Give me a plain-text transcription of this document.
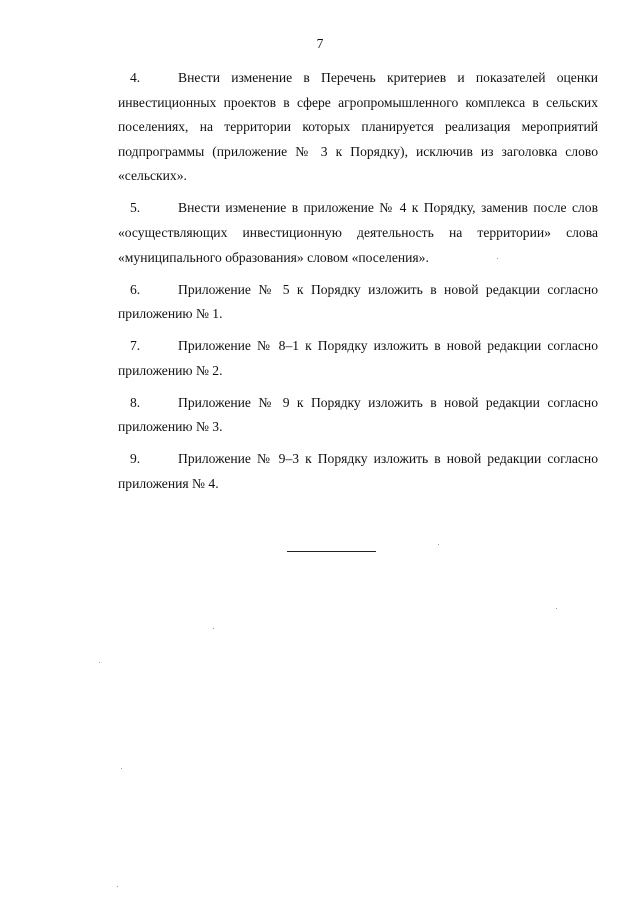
7

4.	Внести изменение в Перечень критериев и показателей оценки инвестиционных проектов в сфере агропромышленного комплекса в сельских поселениях, на территории которых планируется реализация мероприятий подпрограммы (приложение № 3 к Порядку), исключив из заголовка слово «сельских».

5.	Внести изменение в приложение № 4 к Порядку, заменив после слов «осуществляющих инвестиционную деятельность на территории» слова «муниципального образования» словом «поселения».

6.	Приложение № 5 к Порядку изложить в новой редакции согласно приложению № 1.

7.	Приложение № 8–1 к Порядку изложить в новой редакции согласно приложению № 2.

8.	Приложение № 9 к Порядку изложить в новой редакции согласно приложению № 3.

9.	Приложение № 9–3 к Порядку изложить в новой редакции согласно приложения № 4.
